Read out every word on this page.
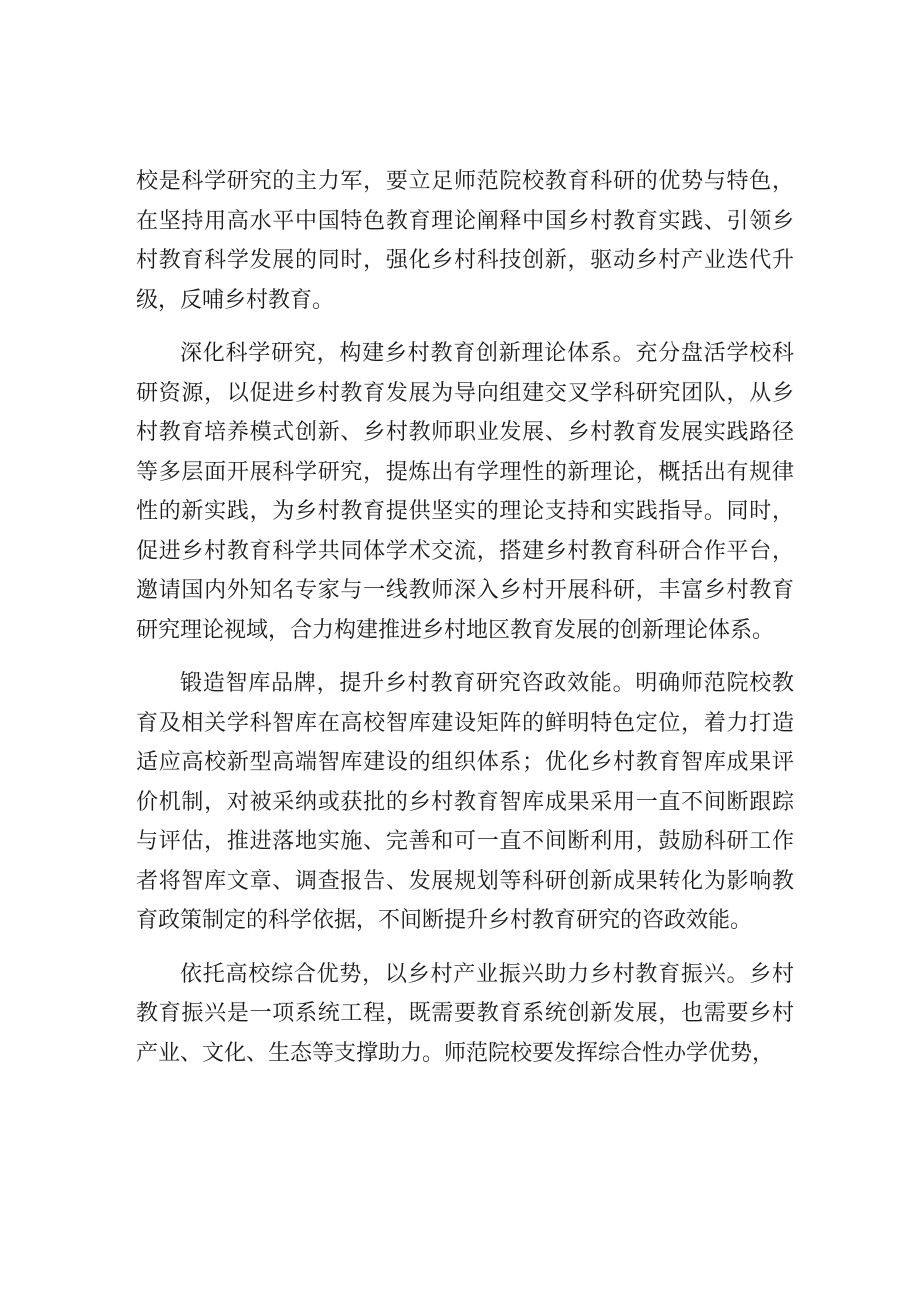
校是科学研究的主力军，要立足师范院校教育科研的优势与特色，在坚持用高水平中国特色教育理论阐释中国乡村教育实践、引领乡村教育科学发展的同时，强化乡村科技创新，驱动乡村产业迭代升级，反哺乡村教育。

深化科学研究，构建乡村教育创新理论体系。充分盘活学校科研资源，以促进乡村教育发展为导向组建交叉学科研究团队，从乡村教育培养模式创新、乡村教师职业发展、乡村教育发展实践路径等多层面开展科学研究，提炼出有学理性的新理论，概括出有规律性的新实践，为乡村教育提供坚实的理论支持和实践指导。同时，促进乡村教育科学共同体学术交流，搭建乡村教育科研合作平台，邀请国内外知名专家与一线教师深入乡村开展科研，丰富乡村教育研究理论视域，合力构建推进乡村地区教育发展的创新理论体系。

锻造智库品牌，提升乡村教育研究咨政效能。明确师范院校教育及相关学科智库在高校智库建设矩阵的鲜明特色定位，着力打造适应高校新型高端智库建设的组织体系；优化乡村教育智库成果评价机制，对被采纳或获批的乡村教育智库成果采用一直不间断跟踪与评估，推进落地实施、完善和可一直不间断利用，鼓励科研工作者将智库文章、调查报告、发展规划等科研创新成果转化为影响教育政策制定的科学依据，不间断提升乡村教育研究的咨政效能。

依托高校综合优势，以乡村产业振兴助力乡村教育振兴。乡村教育振兴是一项系统工程，既需要教育系统创新发展，也需要乡村产业、文化、生态等支撑助力。师范院校要发挥综合性办学优势，
